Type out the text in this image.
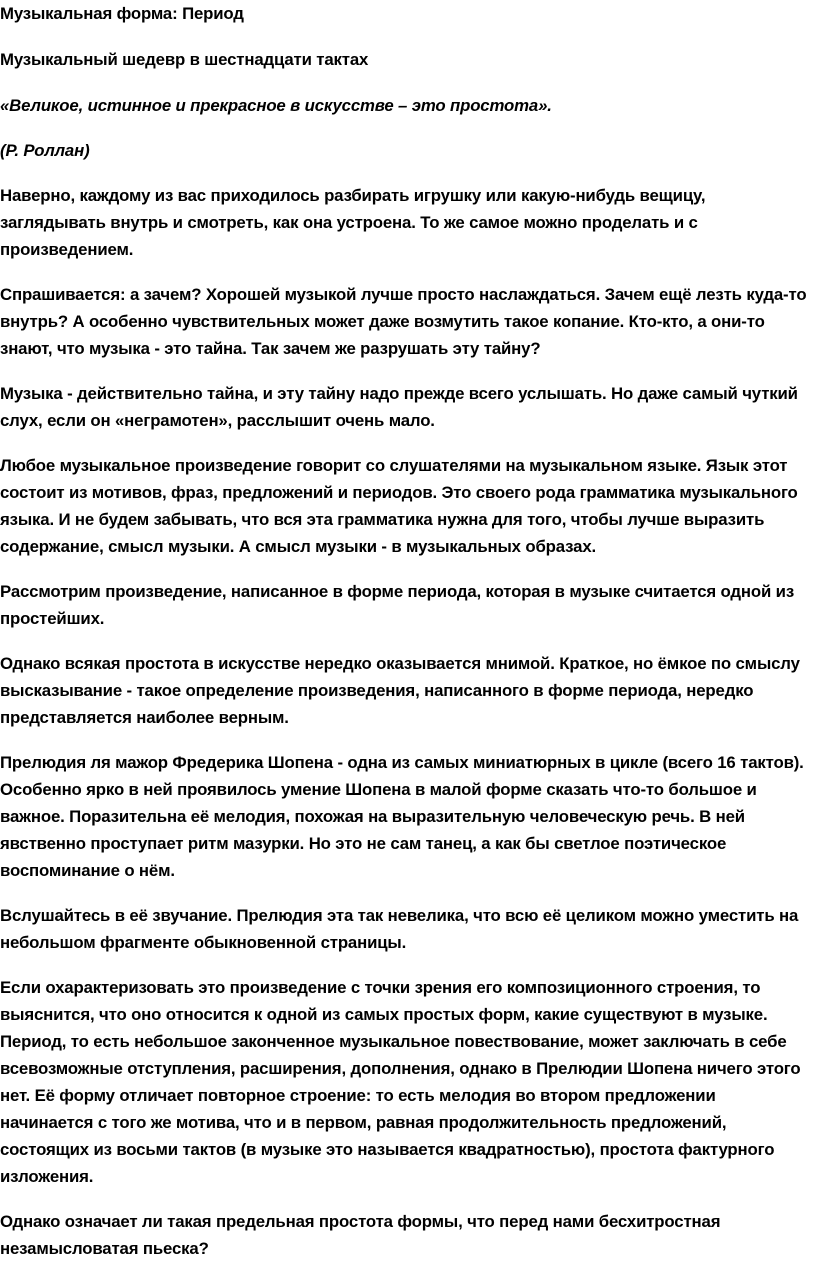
Музыкальная форма: Период

Музыкальный шедевр в шестнадцати тактах

«Великое, истинное и прекрасное в искусстве – это простота».

(Р. Роллан)

Наверно, каждому из вас приходилось разбирать игрушку или какую-нибудь вещицу, заглядывать внутрь и смотреть, как она устроена. То же самое можно проделать и с произведением.

Спрашивается: а зачем? Хорошей музыкой лучше просто наслаждаться. Зачем ещё лезть куда-то внутрь? А особенно чувствительных может даже возмутить такое копание. Кто-кто, а они-то знают, что музыка - это тайна. Так зачем же разрушать эту тайну?

Музыка - действительно тайна, и эту тайну надо прежде всего услышать. Но даже самый чуткий слух, если он «неграмотен», расслышит очень мало.

Любое музыкальное произведение говорит со слушателями на музыкальном языке. Язык этот состоит из мотивов, фраз, предложений и периодов. Это своего рода грамматика музыкального языка. И не будем забывать, что вся эта грамматика нужна для того, чтобы лучше выразить содержание, смысл музыки. А смысл музыки - в музыкальных образах.

Рассмотрим произведение, написанное в форме периода, которая в музыке считается одной из простейших.

Однако всякая простота в искусстве нередко оказывается мнимой. Краткое, но ёмкое по смыслу высказывание - такое определение произведения, написанного в форме периода, нередко представляется наиболее верным.

Прелюдия ля мажор Фредерика Шопена - одна из самых миниатюрных в цикле (всего 16 тактов). Особенно ярко в ней проявилось умение Шопена в малой форме сказать что-то большое и важное. Поразительна её мелодия, похожая на выразительную человеческую речь. В ней явственно проступает ритм мазурки. Но это не сам танец, а как бы светлое поэтическое воспоминание о нём.

Вслушайтесь в её звучание. Прелюдия эта так невелика, что всю её целиком можно уместить на небольшом фрагменте обыкновенной страницы.

Если охарактеризовать это произведение с точки зрения его композиционного строения, то выяснится, что оно относится к одной из самых простых форм, какие существуют в музыке. Период, то есть небольшое законченное музыкальное повествование, может заключать в себе всевозможные отступления, расширения, дополнения, однако в Прелюдии Шопена ничего этого нет. Её форму отличает повторное строение: то есть мелодия во втором предложении начинается с того же мотива, что и в первом, равная продолжительность предложений, состоящих из восьми тактов (в музыке это называется квадратностью), простота фактурного изложения.

Однако означает ли такая предельная простота формы, что перед нами бесхитростная незамысловатая пьеска?
